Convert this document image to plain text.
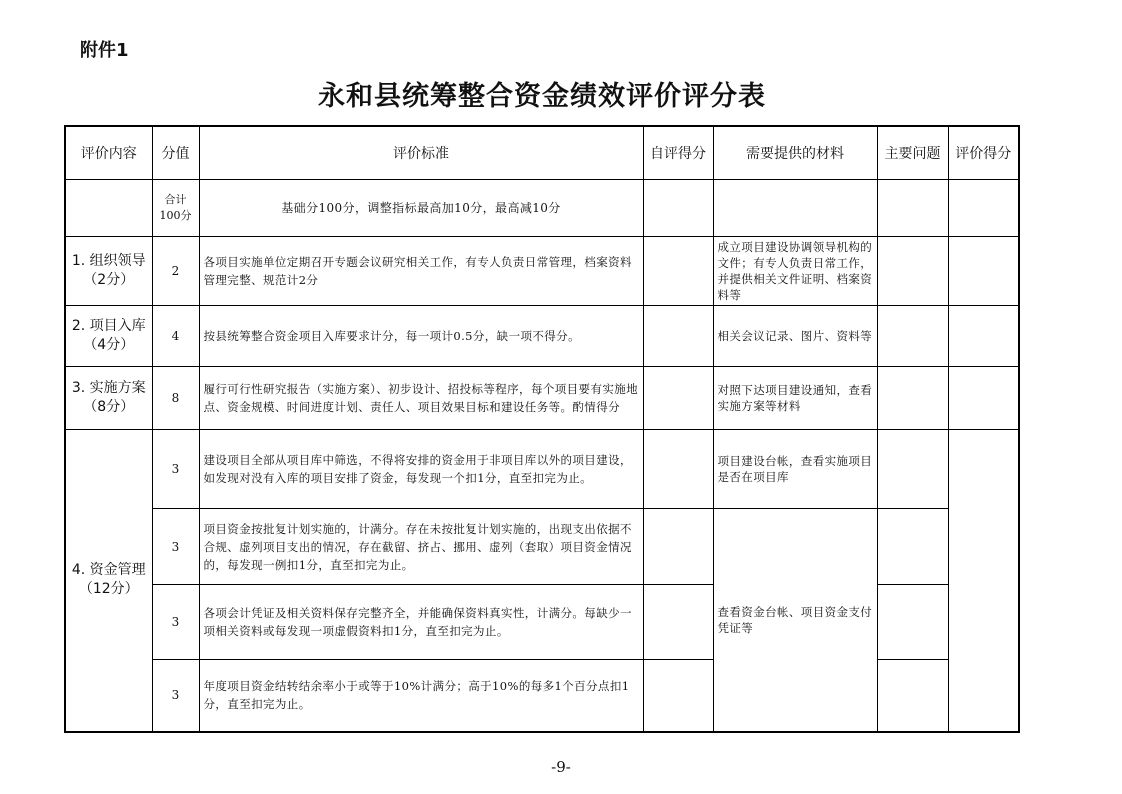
附件1
永和县统筹整合资金绩效评价评分表
评价内容	分值	评价标准	自评得分	需要提供的材料	主要问题	评价得分
	合计100分	基础分100分，调整指标最高加10分，最高减10分				
1. 组织领导（2分）	2	各项目实施单位定期召开专题会议研究相关工作，有专人负责日常管理，档案资料管理完整、规范计2分		成立项目建设协调领导机构的文件；有专人负责日常工作，并提供相关文件证明、档案资料等		
2. 项目入库（4分）	4	按县统筹整合资金项目入库要求计分，每一项计0.5分，缺一项不得分。		相关会议记录、图片、资料等		
3. 实施方案（8分）	8	履行可行性研究报告（实施方案）、初步设计、招投标等程序，每个项目要有实施地点、资金规模、时间进度计划、责任人、项目效果目标和建设任务等。酌情得分		对照下达项目建设通知，查看实施方案等材料		
4. 资金管理（12分）	3	建设项目全部从项目库中筛选，不得将安排的资金用于非项目库以外的项目建设，如发现对没有入库的项目安排了资金，每发现一个扣1分，直至扣完为止。		项目建设台帐，查看实施项目是否在项目库		
	3	项目资金按批复计划实施的，计满分。存在未按批复计划实施的，出现支出依据不合规、虚列项目支出的情况，存在截留、挤占、挪用、虚列（套取）项目资金情况的，每发现一例扣1分，直至扣完为止。		查看资金台帐、项目资金支付凭证等		
	3	各项会计凭证及相关资料保存完整齐全，并能确保资料真实性，计满分。每缺少一项相关资料或每发现一项虚假资料扣1分，直至扣完为止。				
	3	年度项目资金结转结余率小于或等于10%计满分；高于10%的每多1个百分点扣1分，直至扣完为止。				
-9-
